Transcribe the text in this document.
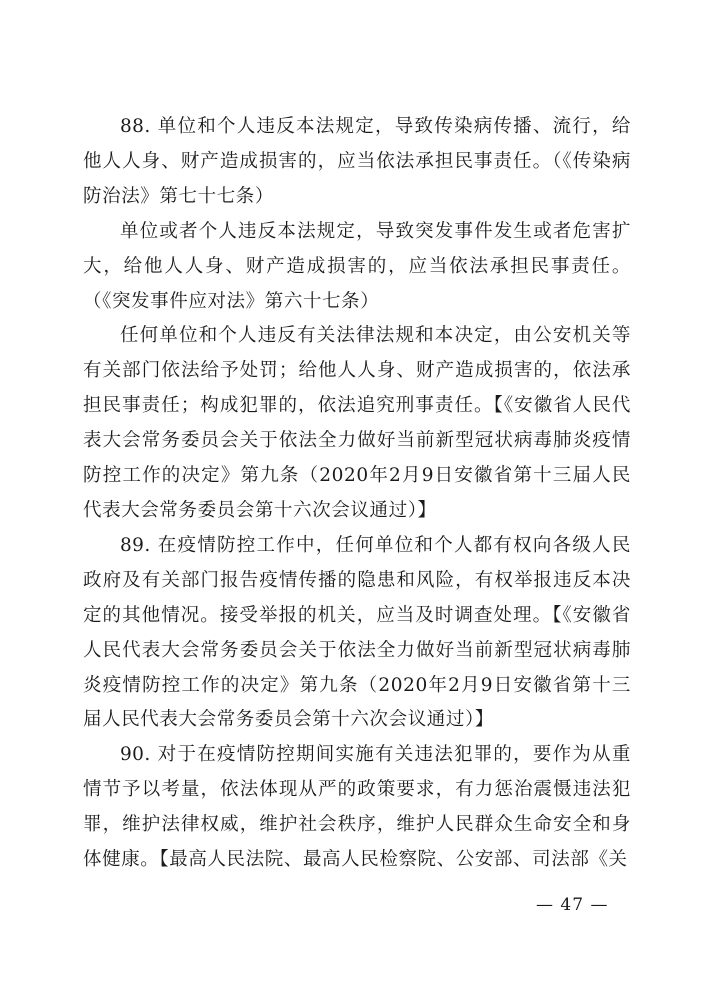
88. 单位和个人违反本法规定，导致传染病传播、流行，给他人人身、财产造成损害的，应当依法承担民事责任。（《传染病防治法》第七十七条）

单位或者个人违反本法规定，导致突发事件发生或者危害扩大，给他人人身、财产造成损害的，应当依法承担民事责任。（《突发事件应对法》第六十七条）

任何单位和个人违反有关法律法规和本决定，由公安机关等有关部门依法给予处罚；给他人人身、财产造成损害的，依法承担民事责任；构成犯罪的，依法追究刑事责任。【《安徽省人民代表大会常务委员会关于依法全力做好当前新型冠状病毒肺炎疫情防控工作的决定》第九条（2020年2月9日安徽省第十三届人民代表大会常务委员会第十六次会议通过）】

89. 在疫情防控工作中，任何单位和个人都有权向各级人民政府及有关部门报告疫情传播的隐患和风险，有权举报违反本决定的其他情况。接受举报的机关，应当及时调查处理。【《安徽省人民代表大会常务委员会关于依法全力做好当前新型冠状病毒肺炎疫情防控工作的决定》第九条（2020年2月9日安徽省第十三届人民代表大会常务委员会第十六次会议通过）】

90. 对于在疫情防控期间实施有关违法犯罪的，要作为从重情节予以考量，依法体现从严的政策要求，有力惩治震慑违法犯罪，维护法律权威，维护社会秩序，维护人民群众生命安全和身体健康。【最高人民法院、最高人民检察院、公安部、司法部《关

— 47 —
